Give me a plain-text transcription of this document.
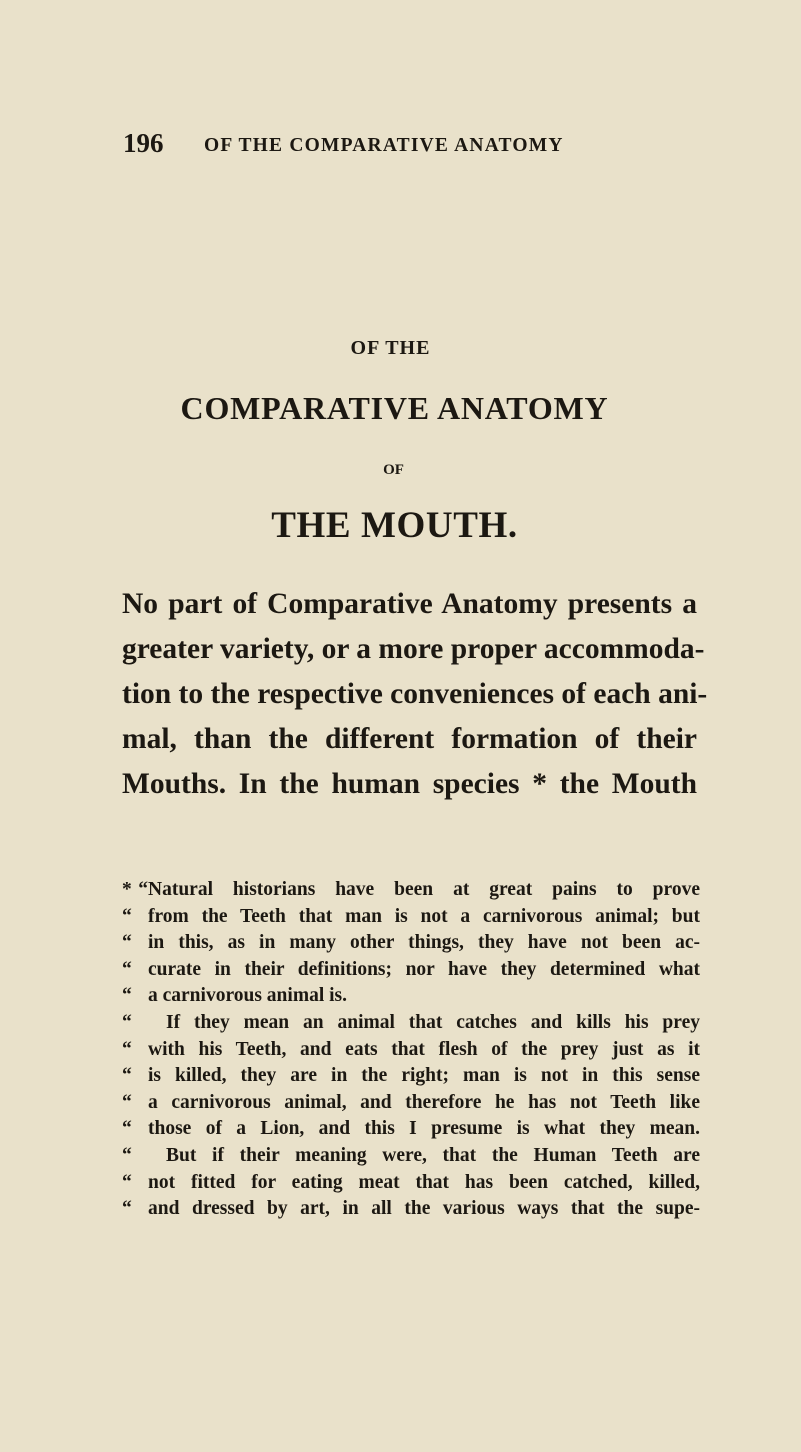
196 OF THE COMPARATIVE ANATOMY
OF THE
COMPARATIVE ANATOMY
OF
THE MOUTH.
No part of Comparative Anatomy presents a
greater variety, or a more proper accommoda-
tion to the respective conveniences of each ani-
mal, than the different formation of their
Mouths. In the human species * the Mouth
* “Natural historians have been at great pains to prove
“ from the Teeth that man is not a carnivorous animal; but
“ in this, as in many other things, they have not been ac-
“ curate in their definitions; nor have they determined what
“ a carnivorous animal is.
“ If they mean an animal that catches and kills his prey
“ with his Teeth, and eats that flesh of the prey just as it
“ is killed, they are in the right; man is not in this sense
“ a carnivorous animal, and therefore he has not Teeth like
“ those of a Lion, and this I presume is what they mean.
“ But if their meaning were, that the Human Teeth are
“ not fitted for eating meat that has been catched, killed,
“ and dressed by art, in all the various ways that the supe-
